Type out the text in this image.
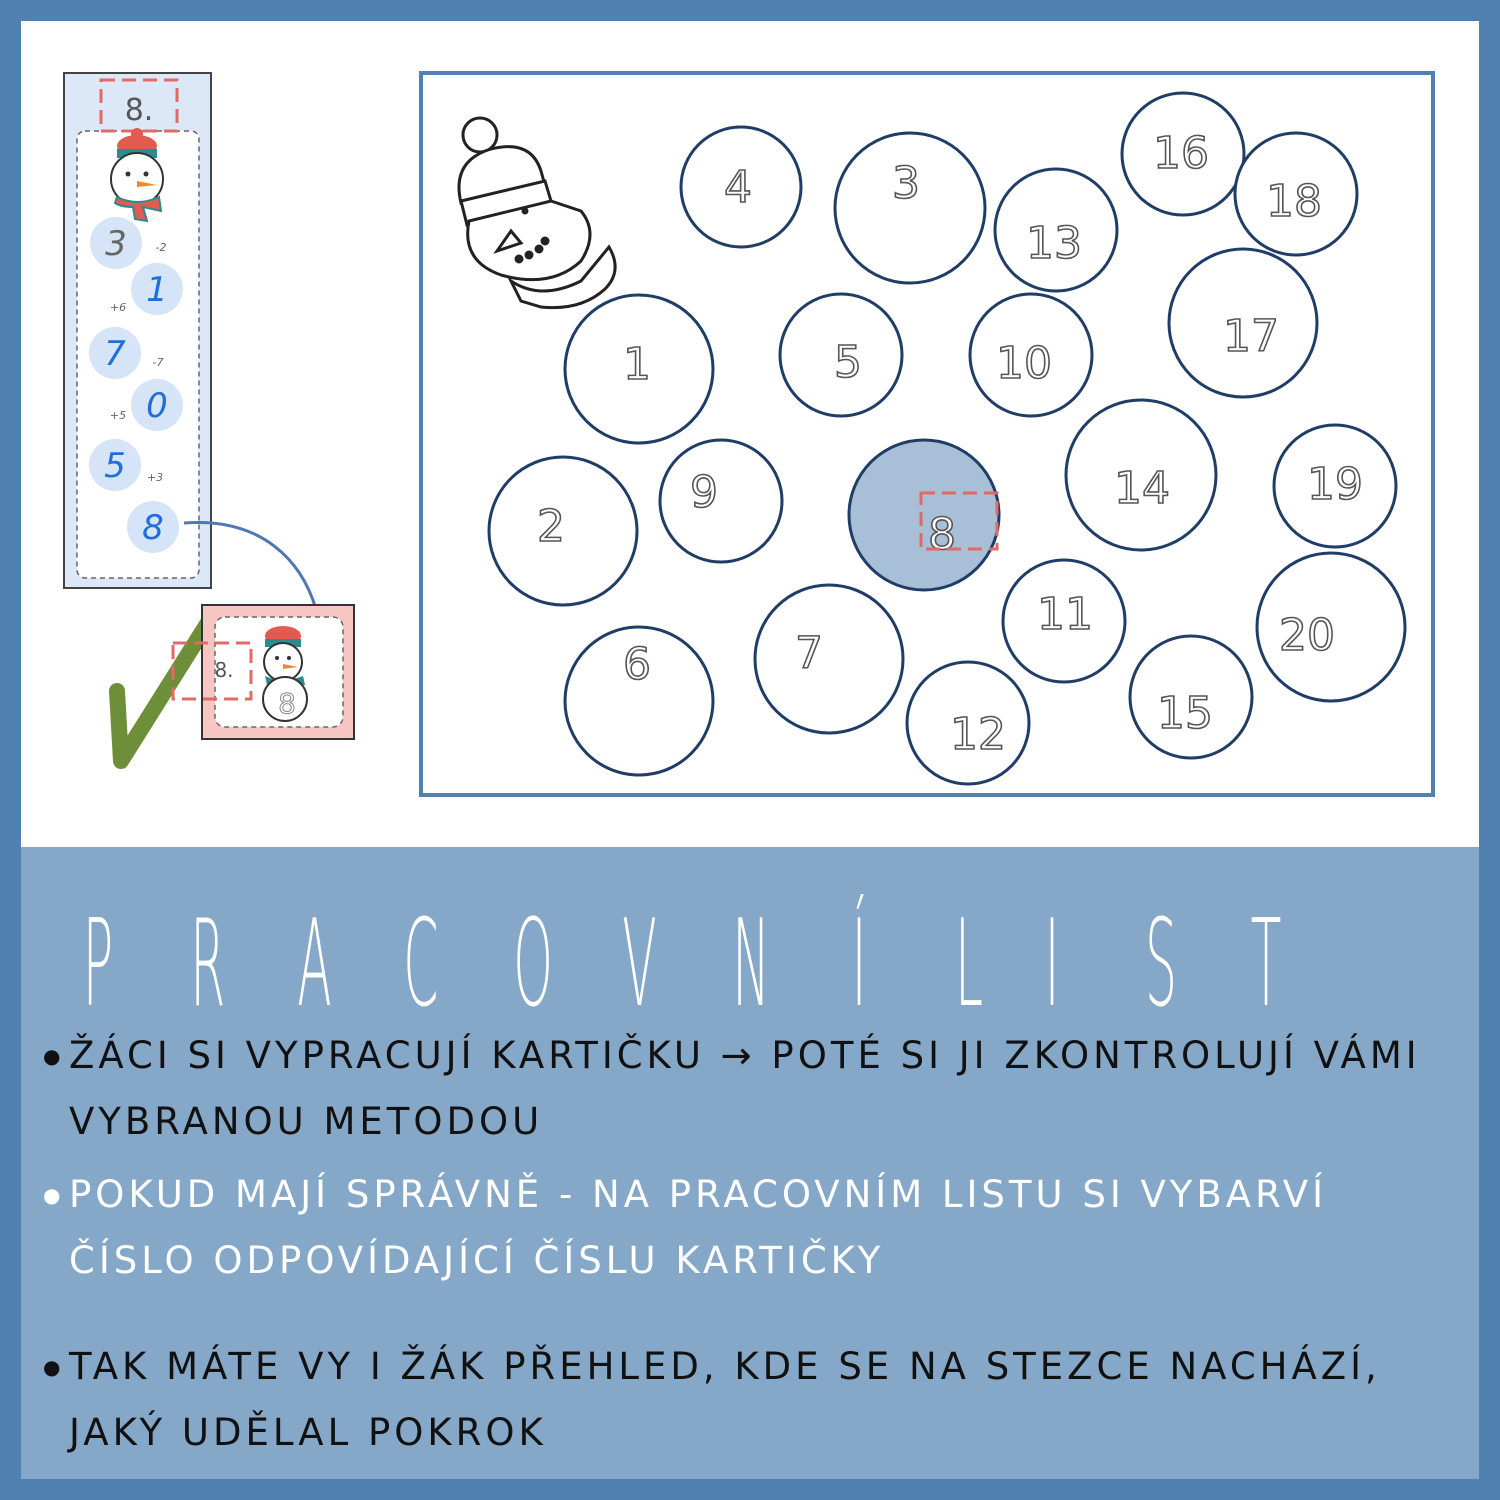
8.
3	-2
1
+6
7 -7
0
+5
5 +3
8
8.
8
4	3
16
18
13
1	5	10
17
2
9
8
14	19
6	7
11
12	15
20
P R A C O V N Í L I S T
● ŽÁCI SI VYPRACUJÍ KARTIČKU → POTÉ SI JI ZKONTROLUJÍ VÁMI VYBRANOU METODOU
● POKUD MAJÍ SPRÁVNĚ - NA PRACOVNÍM LISTU SI VYBARVÍ ČÍSLO ODPOVÍDAJÍCÍ ČÍSLU KARTIČKY
● TAK MÁTE VY I ŽÁK PŘEHLED, KDE SE NA STEZCE NACHÁZÍ, JAKÝ UDĚLAL POKROK
